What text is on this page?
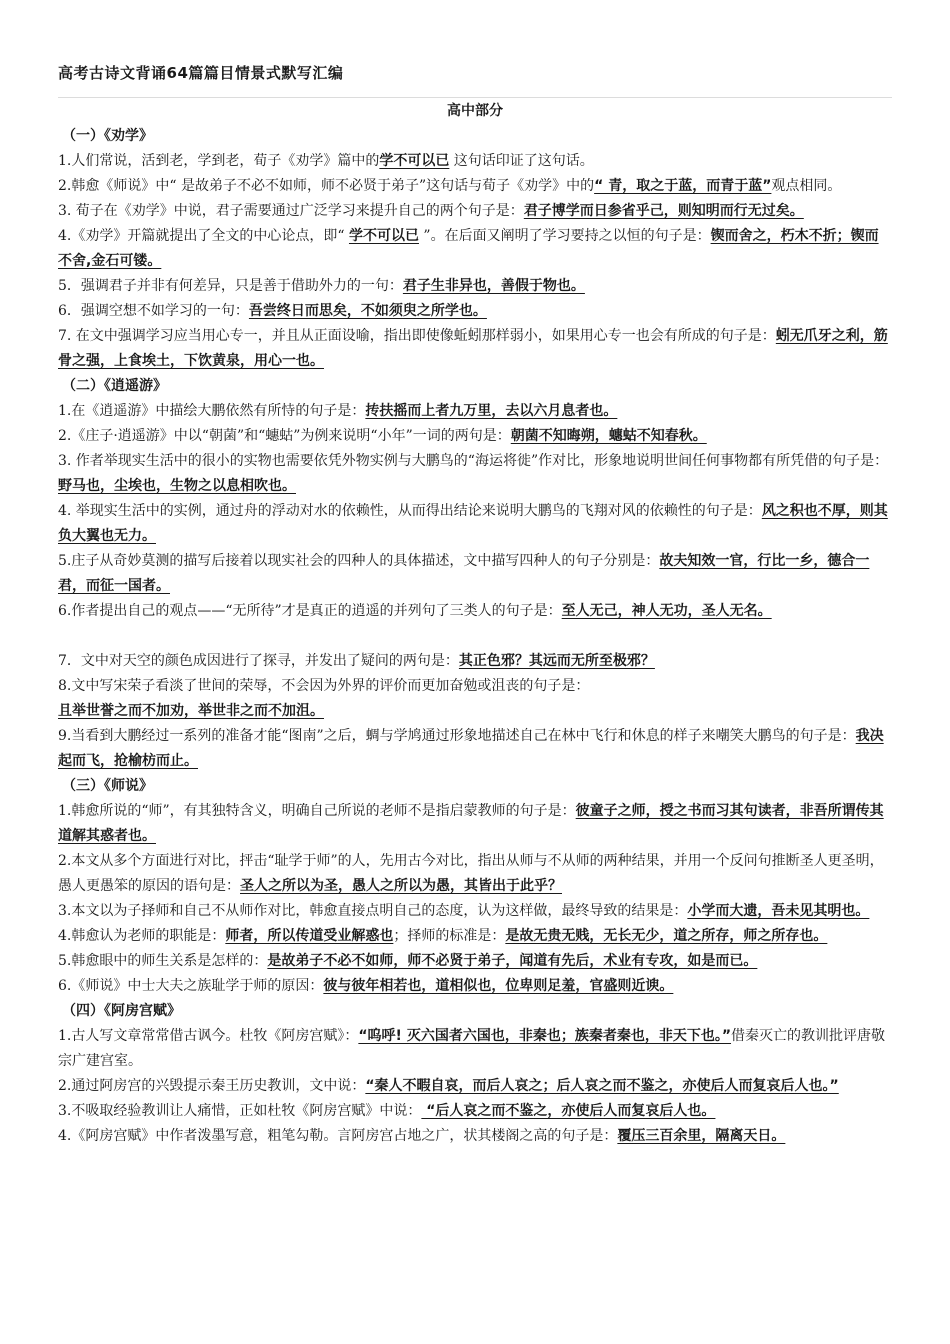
高考古诗文背诵64篇篇目情景式默写汇编
高中部分
（一）《劝学》

1.人们常说，活到老，学到老，荀子《劝学》篇中的学不可以已 这句话印证了这句话。

2.韩愈《师说》中“ 是故弟子不必不如师，师不必贤于弟子”这句话与荀子《劝学》中的“ 青，取之于蓝，而青于蓝”观点相同。

3. 荀子在《劝学》中说，君子需要通过广泛学习来提升自己的两个句子是：君子博学而日参省乎己，则知明而行无过矣。

4.《劝学》开篇就提出了全文的中心论点，即“ 学不可以已 ”。在后面又阐明了学习要持之以恒的句子是：锲而舍之，朽木不折；锲而不舍,金石可镂。

5．强调君子并非有何差异，只是善于借助外力的一句：君子生非异也，善假于物也。

6．强调空想不如学习的一句：吾尝终日而思矣，不如须臾之所学也。

7. 在文中强调学习应当用心专一，并且从正面设喻，指出即使像蚯蚓那样弱小，如果用心专一也会有所成的句子是：蚓无爪牙之利，筋骨之强，上食埃土，下饮黄泉，用心一也。

（二）《逍遥游》

1.在《逍遥游》中描绘大鹏依然有所恃的句子是：抟扶摇而上者九万里，去以六月息者也。

2.《庄子·逍遥游》中以“朝菌”和“蟪蛄”为例来说明“小年”一词的两句是：朝菌不知晦朔，蟪蛄不知春秋。

3. 作者举现实生活中的很小的实物也需要依凭外物实例与大鹏鸟的“海运将徙”作对比，形象地说明世间任何事物都有所凭借的句子是： 野马也，尘埃也，生物之以息相吹也。

4. 举现实生活中的实例，通过舟的浮动对水的依赖性，从而得出结论来说明大鹏鸟的飞翔对风的依赖性的句子是：风之积也不厚，则其负大翼也无力。

5.庄子从奇妙莫测的描写后接着以现实社会的四种人的具体描述，文中描写四种人的句子分别是：故夫知效一官，行比一乡，德合一君，而征一国者。

6.作者提出自己的观点——“无所待”才是真正的逍遥的并列句了三类人的句子是：至人无己，神人无功，圣人无名。

7．文中对天空的颜色成因进行了探寻，并发出了疑问的两句是：其正色邪？其远而无所至极邪？

8.文中写宋荣子看淡了世间的荣辱，不会因为外界的评价而更加奋勉或沮丧的句子是：
且举世誉之而不加劝，举世非之而不加沮。

9.当看到大鹏经过一系列的准备才能“图南”之后，蜩与学鸠通过形象地描述自己在林中飞行和休息的样子来嘲笑大鹏鸟的句子是：我决起而飞，抢榆枋而止。

（三）《师说》

1.韩愈所说的“师”，有其独特含义，明确自己所说的老师不是指启蒙教师的句子是：彼童子之师，授之书而习其句读者，非吾所谓传其道解其惑者也。

2.本文从多个方面进行对比，抨击“耻学于师”的人，先用古今对比，指出从师与不从师的两种结果，并用一个反问句推断圣人更圣明，愚人更愚笨的原因的语句是：圣人之所以为圣，愚人之所以为愚，其皆出于此乎？

3.本文以为子择师和自己不从师作对比，韩愈直接点明自己的态度，认为这样做，最终导致的结果是：小学而大遗，吾未见其明也。

4.韩愈认为老师的职能是：师者，所以传道受业解惑也；择师的标准是：是故无贵无贱，无长无少，道之所存，师之所存也。

5.韩愈眼中的师生关系是怎样的：是故弟子不必不如师，师不必贤于弟子，闻道有先后，术业有专攻，如是而已。

6.《师说》中士大夫之族耻学于师的原因：彼与彼年相若也，道相似也，位卑则足羞，官盛则近谀。

（四）《阿房宫赋》

1.古人写文章常常借古讽今。杜牧《阿房宫赋》：“呜呼! 灭六国者六国也，非秦也；族秦者秦也，非天下也。”借秦灭亡的教训批评唐敬宗广建宫室。

2.通过阿房宫的兴毁提示秦王历史教训，文中说：“秦人不暇自哀，而后人哀之；后人哀之而不鉴之，亦使后人而复哀后人也。”

3.不吸取经验教训让人痛惜，正如杜牧《阿房宫赋》中说： “后人哀之而不鉴之，亦使后人而复哀后人也。

4.《阿房宫赋》中作者泼墨写意，粗笔勾勒。言阿房宫占地之广，状其楼阁之高的句子是：覆压三百余里，隔离天日。
